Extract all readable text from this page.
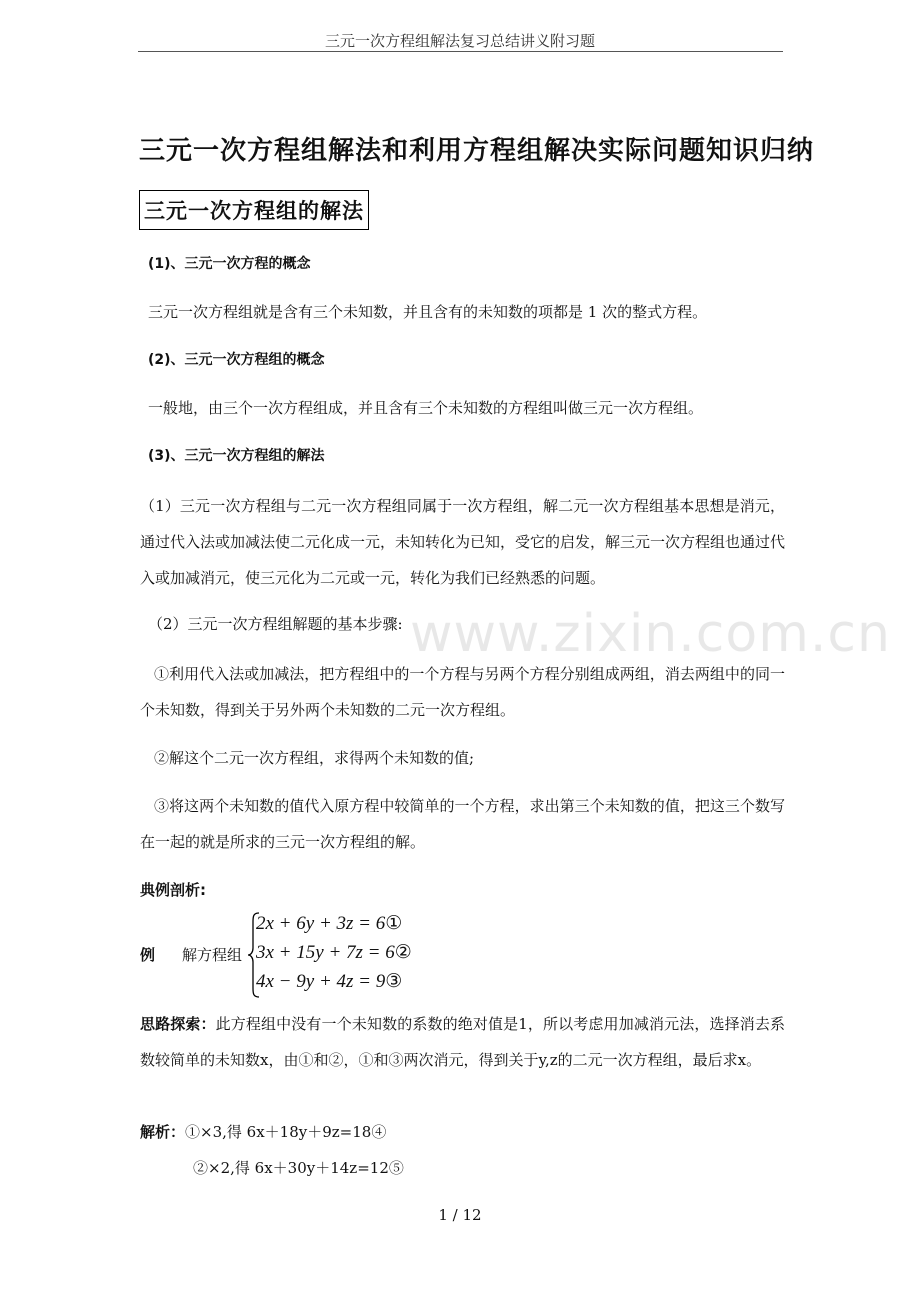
三元一次方程组解法复习总结讲义附习题
三元一次方程组解法和利用方程组解决实际问题知识归纳
三元一次方程组的解法
(1)、三元一次方程的概念
三元一次方程组就是含有三个未知数，并且含有的未知数的项都是 1 次的整式方程。
(2)、三元一次方程组的概念
一般地，由三个一次方程组成，并且含有三个未知数的方程组叫做三元一次方程组。
(3)、三元一次方程组的解法
（1）三元一次方程组与二元一次方程组同属于一次方程组，解二元一次方程组基本思想是消元，通过代入法或加减法使二元化成一元，未知转化为已知，受它的启发，解三元一次方程组也通过代入或加减消元，使三元化为二元或一元，转化为我们已经熟悉的问题。
（2）三元一次方程组解题的基本步骤:
①利用代入法或加减法，把方程组中的一个方程与另两个方程分别组成两组，消去两组中的同一个未知数，得到关于另外两个未知数的二元一次方程组。
②解这个二元一次方程组，求得两个未知数的值;
③将这两个未知数的值代入原方程中较简单的一个方程，求出第三个未知数的值，把这三个数写在一起的就是所求的三元一次方程组的解。
典例剖析:
例 解方程组
2x + 6y + 3z = 6①
3x + 15y + 7z = 6②
4x − 9y + 4z = 9③
思路探索：此方程组中没有一个未知数的系数的绝对值是1，所以考虑用加减消元法，选择消去系数较简单的未知数x，由①和②，①和③两次消元，得到关于y,z的二元一次方程组，最后求x。
解析：①×3,得 6x＋18y＋9z=18④
②×2,得 6x＋30y＋14z=12⑤
www.zixin.com.cn
1 / 12
